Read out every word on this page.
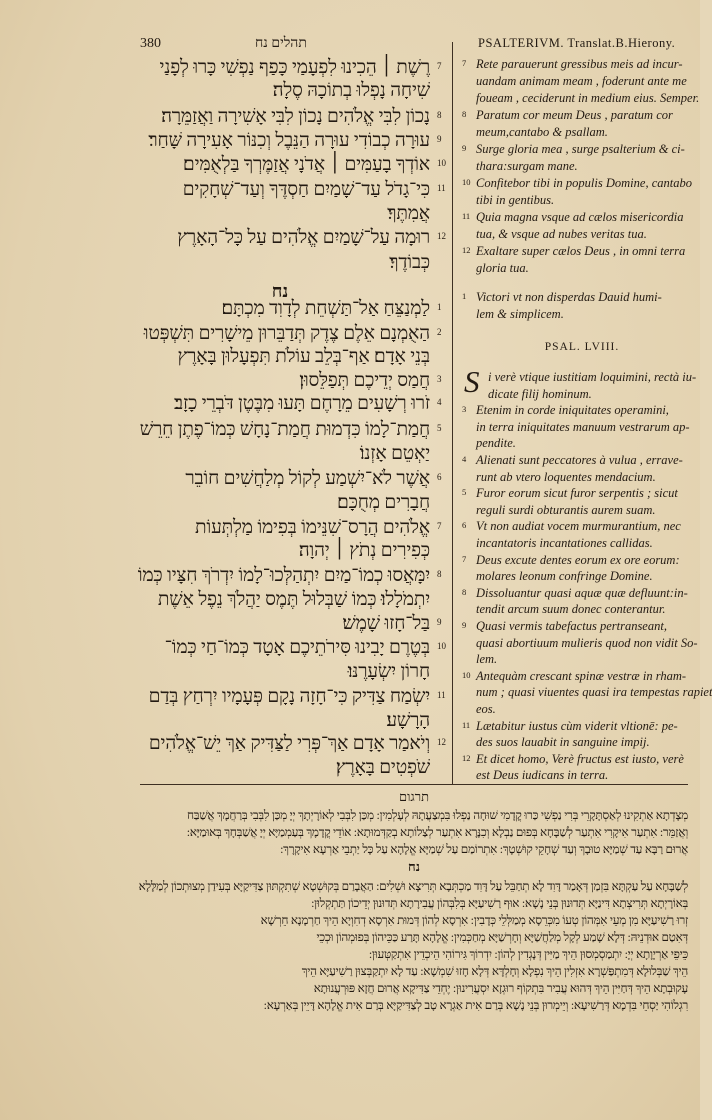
380	תהלים נח	PSALTERIVM. Translat.B.Hierony.
רֶשֶׁת ׀ הֵכִינוּ לִפְעָמַי כָּפַף נַפְשִׁי כָּרוּ לְפָנַי 7
שִׁיחָה נָפְלוּ בְתוֹכָהּ סֶלָה׃
נָכוֹן לִבִּי אֱלֹהִים נָכוֹן לִבִּי אָשִׁירָה וַאֲזַמֵּרָה׃ 8
עוּרָה כְבוֹדִי עוּרָה הַנֵּבֶל וְכִנּוֹר אָעִירָה שָּׁחַר׃ 9
אוֹדְךָ בָעַמִּים ׀ אֲדֹנָי אֲזַמֶּרְךָ בַּלְאֻמִּים׃ 10
כִּי־גָדֹל עַד־שָׁמַיִם חַסְדֶּךָ וְעַד־שְׁחָקִים 11
אֲמִתֶּךָ׃
רוּמָה עַל־שָׁמַיִם אֱלֹהִים עַל כָּל־הָאָרֶץ 12
כְּבוֹדֶךָ׃
לַמְנַצֵּחַ אַל־תַּשְׁחֵת לְדָוִד מִכְתָּם׃ 1
הַאֻמְנָם אֵלֶם צֶדֶק תְּדַבֵּרוּן מֵישָׁרִים תִּשְׁפְּטוּ 2
בְּנֵי אָדָם׃ אַף־בְּלֵב עוֹלֹת תִּפְעָלוּן בָּאָרֶץ
חֲמַס יְדֵיכֶם תְּפַלֵּסוּן׃ 3
זֹרוּ רְשָׁעִים מֵרָחֶם תָּעוּ מִבֶּטֶן דֹּבְרֵי כָזָב׃ 4
חֲמַת־לָמוֹ כִּדְמוּת חֲמַת־נָחָשׁ כְּמוֹ־פֶתֶן חֵרֵשׁ 5
יַאְטֵם אָזְנוֹ׃
אֲשֶׁר לֹא־יִשְׁמַע לְקוֹל מְלַחֲשִׁים חוֹבֵר 6
חֲבָרִים מְחֻכָּם׃
אֱלֹהִים הֲרָס־שִׁנֵּימוֹ בְּפִימוֹ מַלְתְּעוֹת 7
כְּפִירִים נְתֹץ ׀ יְהוָה׃
יִמָּאֲסוּ כְמוֹ־מַיִם יִתְהַלְּכוּ־לָמוֹ יִדְרֹךְ חִצָּיו כְּמוֹ 8
יִתְמֹלָלוּ׃ כְּמוֹ שַׁבְּלוּל תֶּמֶס יַהֲלֹךְ נֵפֶל אֵשֶׁת
בַּל־חָזוּ שָׁמֶשׁ׃ 9
בְּטֶרֶם יָבִינוּ סִּירֹתֵיכֶם אָטָד כְּמוֹ־חַי כְּמוֹ־ 10
חָרוֹן יִשְׂעָרֶנּוּ׃
יִשְׂמַח צַדִּיק כִּי־חָזָה נָקָם פְּעָמָיו יִרְחַץ בְּדַם 11
הָרָשָׁע׃
וְיֹאמַר אָדָם אַךְ־פְּרִי לַצַּדִּיק אַךְ יֵשׁ־אֱלֹהִים 12
שֹׁפְטִים בָּאָרֶץ׃
נח
Rete parauerunt gressibus meis ad incur-
7
uandam animam meam , foderunt ante me
foueam , ceciderunt in medium eius. Semper.
Paratum cor meum Deus , paratum cor
8
meum,cantabo & psallam.
Surge gloria mea , surge psalterium & ci-
9
thara:surgam mane.
Confitebor tibi in populis Domine, cantabo
10
tibi in gentibus.
Quia magna vsque ad cælos misericordia
11
tua, & vsque ad nubes veritas tua.
Exaltare super cælos Deus , in omni terra
12
gloria tua.
Victori vt non disperdas Dauid humi-
1
lem & simplicem.
PSAL. LVIII.
S i verè vtique iustitiam loquimini, rectà iu-
dicate filij hominum.
Etenim in corde iniquitates operamini,
3
in terra iniquitates manuum vestrarum ap-
pendite.
Alienati sunt peccatores à vulua , errave-
4
runt ab vtero loquentes mendacium.
Furor eorum sicut furor serpentis ; sicut
5
reguli surdi obturantis aurem suam.
Vt non audiat vocem murmurantium, nec
6
incantatoris incantationes callidas.
Deus excute dentes eorum ex ore eorum:
7
molares leonum confringe Domine.
Dissoluantur quasi aquæ quæ defluunt:in-
8
tendit arcum suum donec conterantur.
Quasi vermis tabefactus pertranseant,
9
quasi abortiuum mulieris quod non vidit So-
lem.
Antequàm crescant spinæ vestræ in rham-
10
num ; quasi viuentes quasi ira tempestas rapiet
eos.
Lætabitur iustus cùm viderit vltionē: pe-
11
des suos lauabit in sanguine impij.
Et dicet homo, Verè fructus est iusto, verè
12
est Deus iudicans in terra.
תרגום
מְצָדְתָא אַתְקִינוּ לְאַסְתָּקָרֵי בְּרִי נַפְשִׁי כַּרוּ קֳדָמִי שׁוּחָה נַפְלוּ בִּמְצַעֲתָהּ לְעָלְמִין: מְכַּן לִבְּבִי לְאוֹרָיְתָךְ יְיָ מְכַּן לִבְּבִי בְּרַחֲמָךְ אֲשַׁבַּח
וְאֲזַמֵּר: אִתְעַר אִיקָרִי אִתְעַר לְשַׁבָּחָא בְּפוּם נַבְלָא וְכִנָּרָא אִתְעַר לְצַלוֹתָא בְקַדְּמוּתָא: אוֹדֵי קֳדָמָךְ בְּעַמְמַיָּא יְיָ אֲשַׁבְּחָךְ בְּאוּמַיָּא:
אֲרוּם רַבָּא עַד שְׁמַיָּא טוּבָךְ וְעַד שְׁחָקֵי קוּשְׁטָךְ: אִתְרוֹמַם עַל שְׁמַיָּא אֱלָהָא עַל כָּל יַתְבֵי אַרְעָא אִיקָרָךְ:
נח
לְשַׁבָּחָא עַל עַקְתָּא בִּזְמַן דְּאָמַר דָּוִד לָא תְחַבֵּל עַל דָּוִד מַכְתְּבָא תְּרִיצָא וּשְׁלִים: הַאֲבָרַם בְּקוּשְׁטָא שְׁתִקְתּוּן צַדִּיקַיָּא בְּעִידַן מְצוּתְכוֹן לְמַלָּלָא
בְּאוֹרָיְתָא תְּרִיצְתָא דִּינַיָּא תְּדוּנוּן בְּנֵי נָשָׁא: אוּף רַשִׁיעַיָּא בְּלִבְּהוֹן עֲבִירָתָא תְּדוּנוּן יְדֵיכוֹן תַּתְקְלוּן:
זְרוּ רַשִׁיעַיָּא מִן מְעֵי אִמְּהוֹן טְעוֹ מִכְּרֵסָא מְמַלְּלֵי כְּדָבִין: אִרְסָא לְהוֹן דְּמוּת אִרְסָא דְחִוְיָא הֵיךְ חַרְמָנָא חֵרְשָׁא
דְּאִטַם אוּדְנֵיהּ: דְּלָא שָׁמַע לְקָל מְלַחֲשַׁיָּא וְחָרְשַׁיָּא מְחַכְּמִין: אֱלָהָא תָּרַע כַּכֵּיהוֹן בְּפוּמְהוֹן וּכְכֵי
כֵּיפֵי אַרְיָוָתָא יְיָ: יִתְמַסְמְסוּן הֵיךְ מַיִּין דְּנָגְדִין לְהוֹן: יִדְרוֹךְ גִּירוֹהִי הֵיכְדֵין אִתְקַטְּעוּן:
הֵיךְ שַׁבְּלוּלָא דְּמִתְפַּשְׁרָא אִזְלִין הֵיךְ נִפְלָא וְחָלְדָּא דְּלָא חָזוּ שִׁמְשָׁא: עַד לָא יִתְקַבְּצוּן רַשִׁיעַיָּא הֵיךְ
עָקוּבְתָא הֵיךְ דְּחַיִּין הֵיךְ דְּהוּא עֲבִיר בִּתְקוֹף רוּגְזָא יִסְעֲרִינוּן: יֶחְדֵי צַדִּיקָא אֲרוּם חֲזָא פּוּרְעֲנוּתָא
רִגְלוֹהִי יַסְחֵי בִּדְמָא דְּרַשִׁיעָא: וְיֵימְרוּן בְּנֵי נָשָׁא בְּרַם אִית אַגְרָא טָב לְצַדִּיקַיָּא בְּרַם אִית אֱלָהָא דָּיֵין בְּאַרְעָא:
